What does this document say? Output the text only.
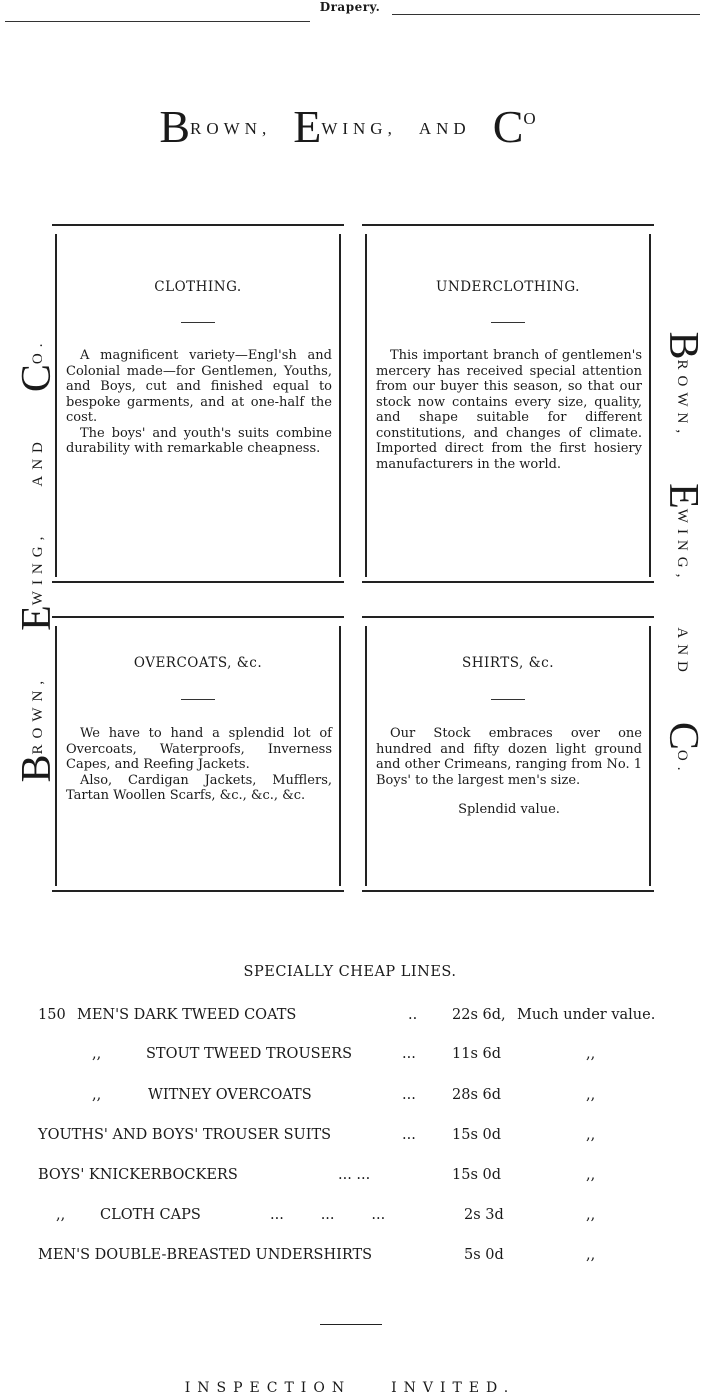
Drapery.
BROWN, EWING, AND CO
BROWN,EWING,ANDCO.	BROWN,EWING,ANDCO.
CLOTHING.

A magnificent variety—Engl'sh and Colonial made—for Gentlemen, Youths, and Boys, cut and finished equal to bespoke garments, and at one-half the cost.

The boys' and youth's suits combine durability with remarkable cheapness.

UNDERCLOTHING.

This important branch of gentlemen's mercery has received special attention from our buyer this season, so that our stock now contains every size, quality, and shape suitable for different constitutions, and changes of climate. Imported direct from the first hosiery manufacturers in the world.

OVERCOATS, &c.

We have to hand a splendid lot of Overcoats, Waterproofs, Inverness Capes, and Reefing Jackets.

Also, Cardigan Jackets, Mufflers, Tartan Woollen Scarfs, &c., &c., &c.

SHIRTS, &c.

Our Stock embraces over one hundred and fifty dozen light ground and other Crimeans, ranging from No. 1 Boys' to the largest men's size.

Splendid value.

SPECIALLY CHEAP LINES.
150 MEN'S DARK TWEED COATS	.. 22s 6d, Much under value.
,,	STOUT TWEED TROUSERS	... 11s 6d	,,
,,	WITNEY OVERCOATS	... 28s 6d	,,
YOUTHS' AND BOYS' TROUSER SUITS	... 15s 0d	,,
BOYS' KNICKERBOCKERS	... ...	15s 0d	,,
,, CLOTH CAPS	...        ...        ...	2s 3d	,,
MEN'S DOUBLE-BREASTED UNDERSHIRTS	5s 0d	,,
INSPECTION	INVITED.
